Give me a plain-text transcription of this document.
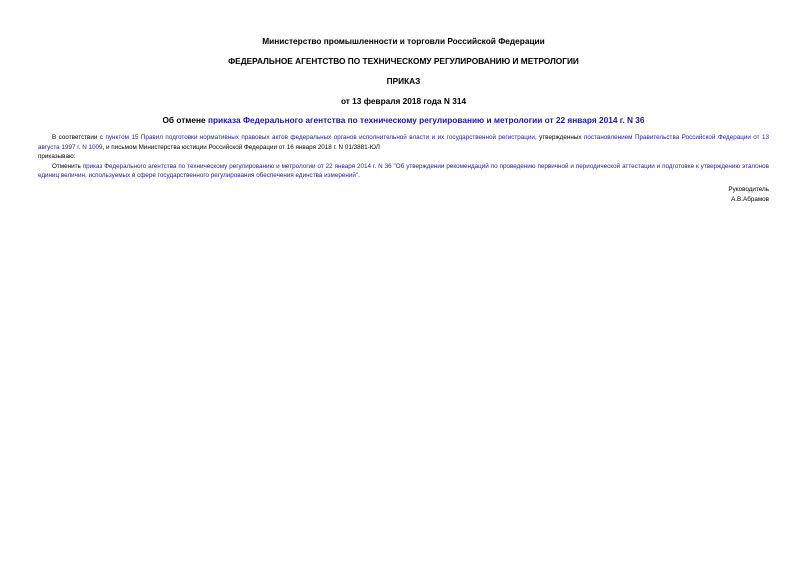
Министерство промышленности и торговли Российской Федерации
ФЕДЕРАЛЬНОЕ АГЕНТСТВО ПО ТЕХНИЧЕСКОМУ РЕГУЛИРОВАНИЮ И МЕТРОЛОГИИ
ПРИКАЗ
от 13 февраля 2018 года N 314
Об отмене приказа Федерального агентства по техническому регулированию и метрологии от 22 января 2014 г. N 36

В соответствии с пунктом 15 Правил подготовки нормативных правовых актов федеральных органов исполнительной власти и их государственной регистрации, утвержденных постановлением Правительства Российской Федерации от 13 августа 1997 г. N 1009, и письмом Министерства юстиции Российской Федерации от 16 января 2018 г. N 01/3881-ЮЛ

приказываю:

Отменить приказ Федерального агентства по техническому регулированию и метрологии от 22 января 2014 г. N 36 "Об утверждении рекомендаций по проведению первичной и периодической аттестации и подготовке к утверждению эталонов единиц величин, используемых в сфере государственного регулирования обеспечения единства измерений".

Руководитель
А.В.Абрамов
